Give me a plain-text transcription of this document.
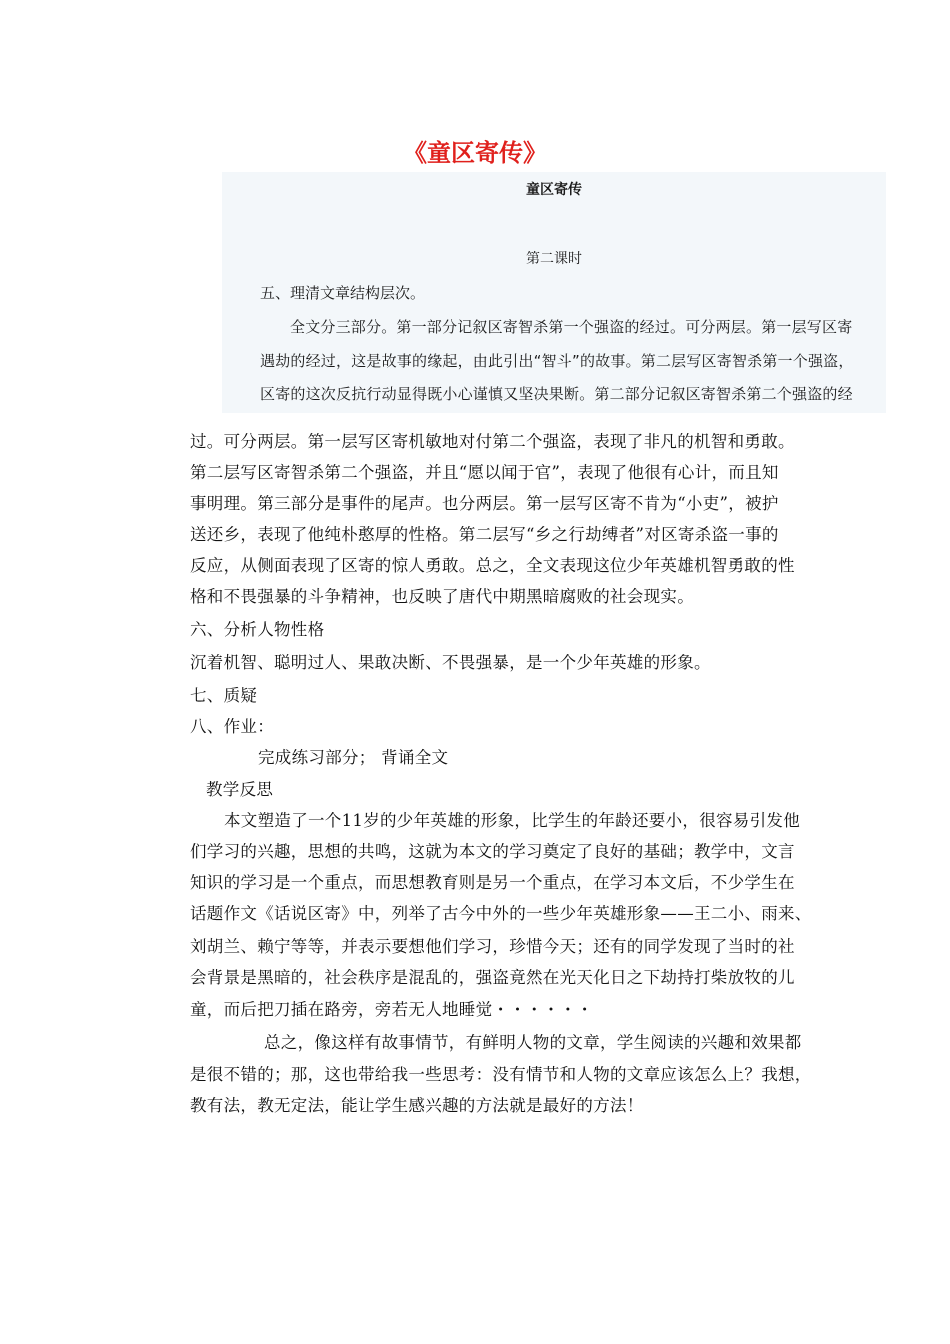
《童区寄传》
童区寄传
第二课时
五、理清文章结构层次。
全文分三部分。第一部分记叙区寄智杀第一个强盗的经过。可分两层。第一层写区寄
遇劫的经过，这是故事的缘起，由此引出“智斗”的故事。第二层写区寄智杀第一个强盗，
区寄的这次反抗行动显得既小心谨慎又坚决果断。第二部分记叙区寄智杀第二个强盗的经
过。可分两层。第一层写区寄机敏地对付第二个强盗，表现了非凡的机智和勇敢。
第二层写区寄智杀第二个强盗，并且“愿以闻于官”，表现了他很有心计，而且知
事明理。第三部分是事件的尾声。也分两层。第一层写区寄不肯为“小吏”，被护
送还乡，表现了他纯朴憨厚的性格。第二层写“乡之行劫缚者”对区寄杀盗一事的
反应，从侧面表现了区寄的惊人勇敢。总之，全文表现这位少年英雄机智勇敢的性
格和不畏强暴的斗争精神，也反映了唐代中期黑暗腐败的社会现实。
六、分析人物性格
沉着机智、聪明过人、果敢决断、不畏强暴，是一个少年英雄的形象。
七、质疑
八、作业：
完成练习部分； 背诵全文
教学反思
本文塑造了一个11岁的少年英雄的形象，比学生的年龄还要小，很容易引发他
们学习的兴趣，思想的共鸣，这就为本文的学习奠定了良好的基础；教学中，文言
知识的学习是一个重点，而思想教育则是另一个重点，在学习本文后，不少学生在
话题作文《话说区寄》中，列举了古今中外的一些少年英雄形象——王二小、雨来、
刘胡兰、赖宁等等，并表示要想他们学习，珍惜今天；还有的同学发现了当时的社
会背景是黑暗的，社会秩序是混乱的，强盗竟然在光天化日之下劫持打柴放牧的儿
童，而后把刀插在路旁，旁若无人地睡觉・・・・・・
总之，像这样有故事情节，有鲜明人物的文章，学生阅读的兴趣和效果都
是很不错的；那，这也带给我一些思考：没有情节和人物的文章应该怎么上？我想，
教有法，教无定法，能让学生感兴趣的方法就是最好的方法！
